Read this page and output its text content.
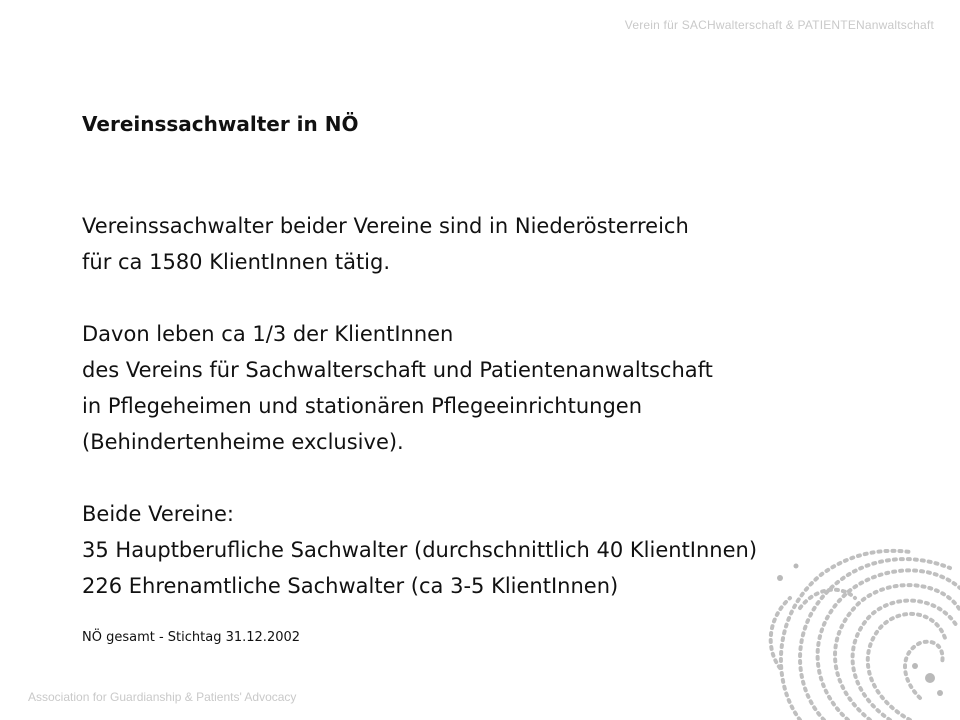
Verein für SACHwalterschaft & PATIENTENanwaltschaft
Vereinssachwalter in NÖ

Vereinssachwalter beider Vereine sind in Niederösterreich
für ca 1580 KlientInnen tätig.

Davon leben ca 1/3 der KlientInnen
des Vereins für Sachwalterschaft und Patientenanwaltschaft
in Pflegeheimen und stationären Pflegeeinrichtungen
(Behindertenheime exclusive).

Beide Vereine:
35 Hauptberufliche Sachwalter (durchschnittlich 40 KlientInnen)
226 Ehrenamtliche Sachwalter (ca 3-5 KlientInnen)

NÖ gesamt - Stichtag 31.12.2002
Association for Guardianship & Patients' Advocacy
